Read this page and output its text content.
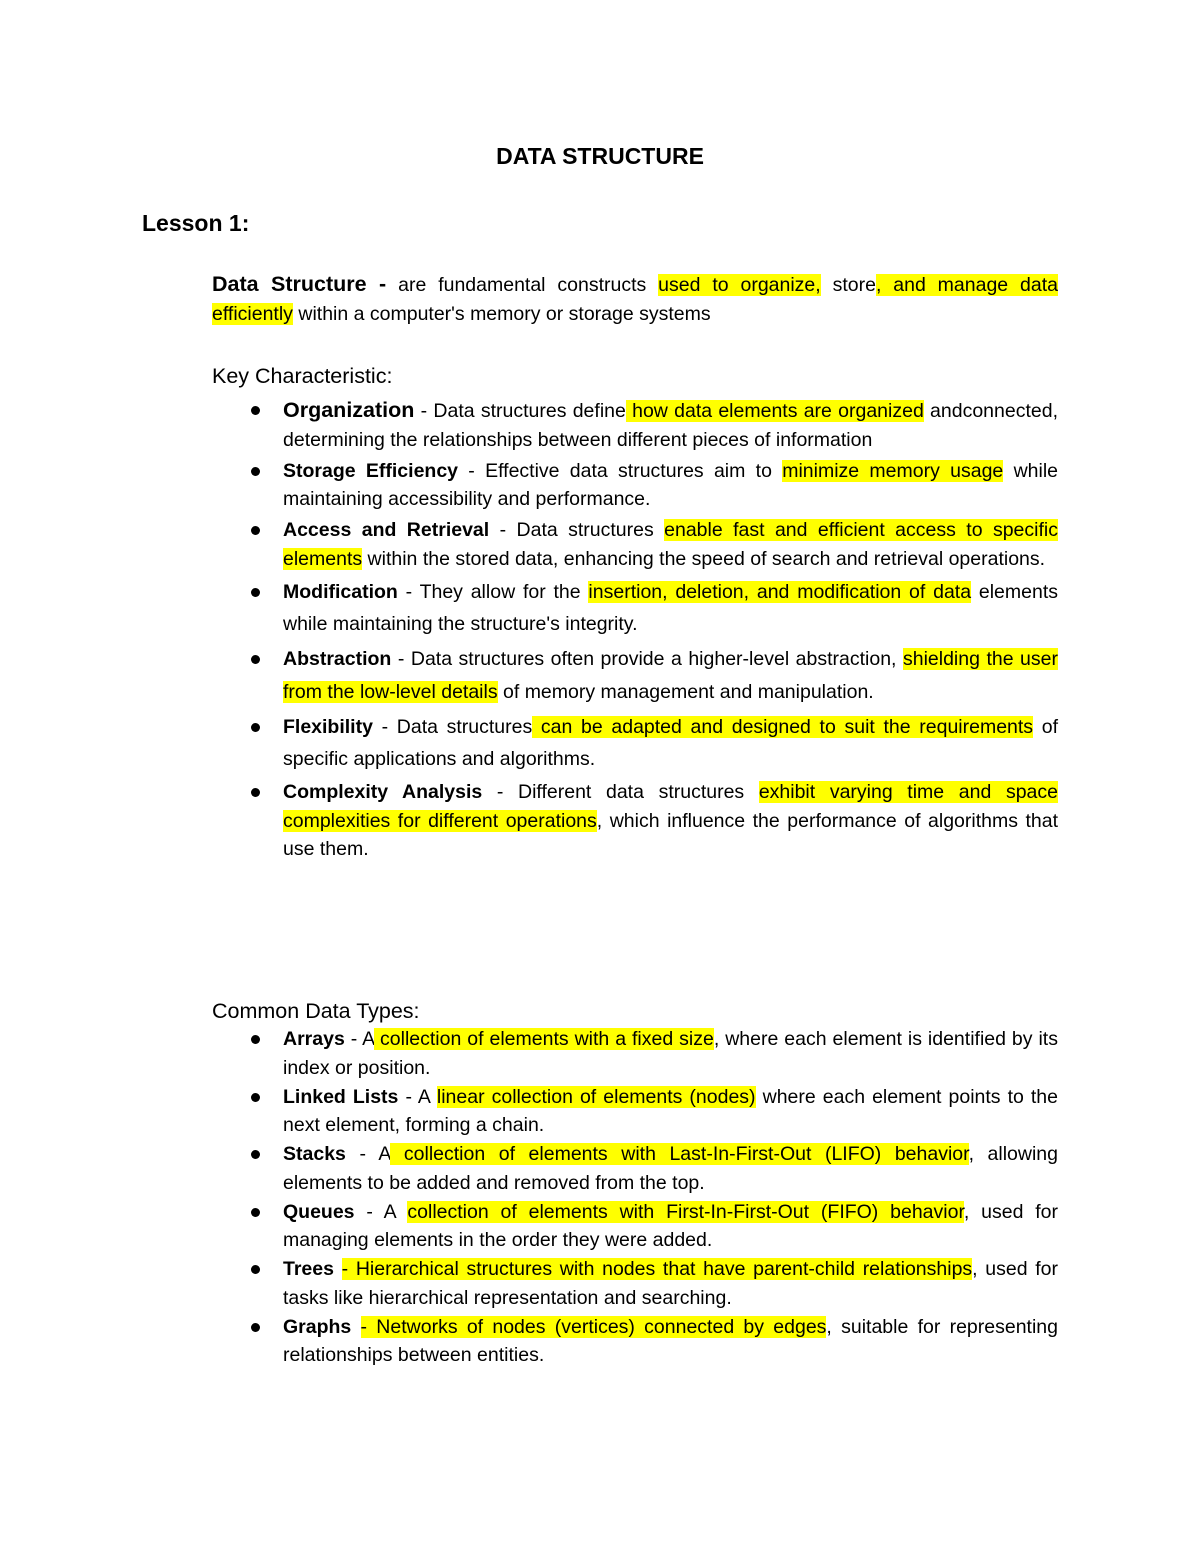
DATA STRUCTURE
Lesson 1:
Data Structure - are fundamental constructs used to organize, store, and manage data efficiently within a computer's memory or storage systems
Key Characteristic:
Organization - Data structures define how data elements are organized andconnected, determining the relationships between different pieces of information
Storage Efficiency - Effective data structures aim to minimize memory usage while maintaining accessibility and performance.
Access and Retrieval - Data structures enable fast and efficient access to specific elements within the stored data, enhancing the speed of search and retrieval operations.
Modification - They allow for the insertion, deletion, and modification of data elements while maintaining the structure's integrity.
Abstraction - Data structures often provide a higher-level abstraction, shielding the user from the low-level details of memory management and manipulation.
Flexibility - Data structures can be adapted and designed to suit the requirements of specific applications and algorithms.
Complexity Analysis - Different data structures exhibit varying time and space complexities for different operations, which influence the performance of algorithms that use them.
Common Data Types:
Arrays - A collection of elements with a fixed size, where each element is identified by its index or position.
Linked Lists - A linear collection of elements (nodes) where each element points to the next element, forming a chain.
Stacks - A collection of elements with Last-In-First-Out (LIFO) behavior, allowing elements to be added and removed from the top.
Queues - A collection of elements with First-In-First-Out (FIFO) behavior, used for managing elements in the order they were added.
Trees - Hierarchical structures with nodes that have parent-child relationships, used for tasks like hierarchical representation and searching.
Graphs - Networks of nodes (vertices) connected by edges, suitable for representing relationships between entities.
